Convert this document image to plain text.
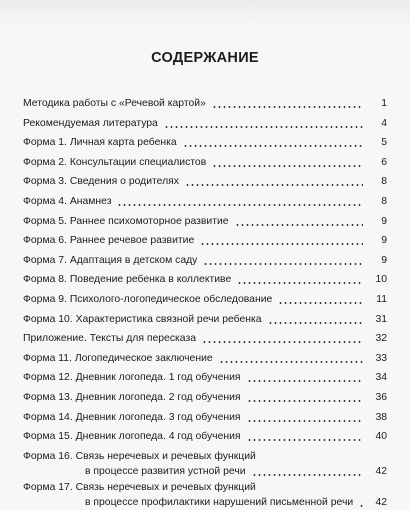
СОДЕРЖАНИЕ
Методика работы с «Речевой картой»	1
Рекомендуемая литература	4
Форма 1. Личная карта ребенка	5
Форма 2. Консультации специалистов	6
Форма 3. Сведения о родителях	8
Форма 4. Анамнез	8
Форма 5. Раннее психомоторное развитие	9
Форма 6. Раннее речевое развитие	9
Форма 7. Адаптация в детском саду	9
Форма 8. Поведение ребенка в коллективе	10
Форма 9. Психолого-логопедическое обследование	11
Форма 10. Характеристика связной речи ребенка	31
Приложение. Тексты для пересказа	32
Форма 11. Логопедическое заключение	33
Форма 12. Дневник логопеда. 1 год обучения	34
Форма 13. Дневник логопеда. 2 год обучения	36
Форма 14. Дневник логопеда. 3 год обучения	38
Форма 15. Дневник логопеда. 4 год обучения	40
Форма 16. Связь неречевых и речевых функций
в процессе развития устной речи	42
Форма 17. Связь неречевых и речевых функций
в процессе профилактики нарушений письменной речи	42
